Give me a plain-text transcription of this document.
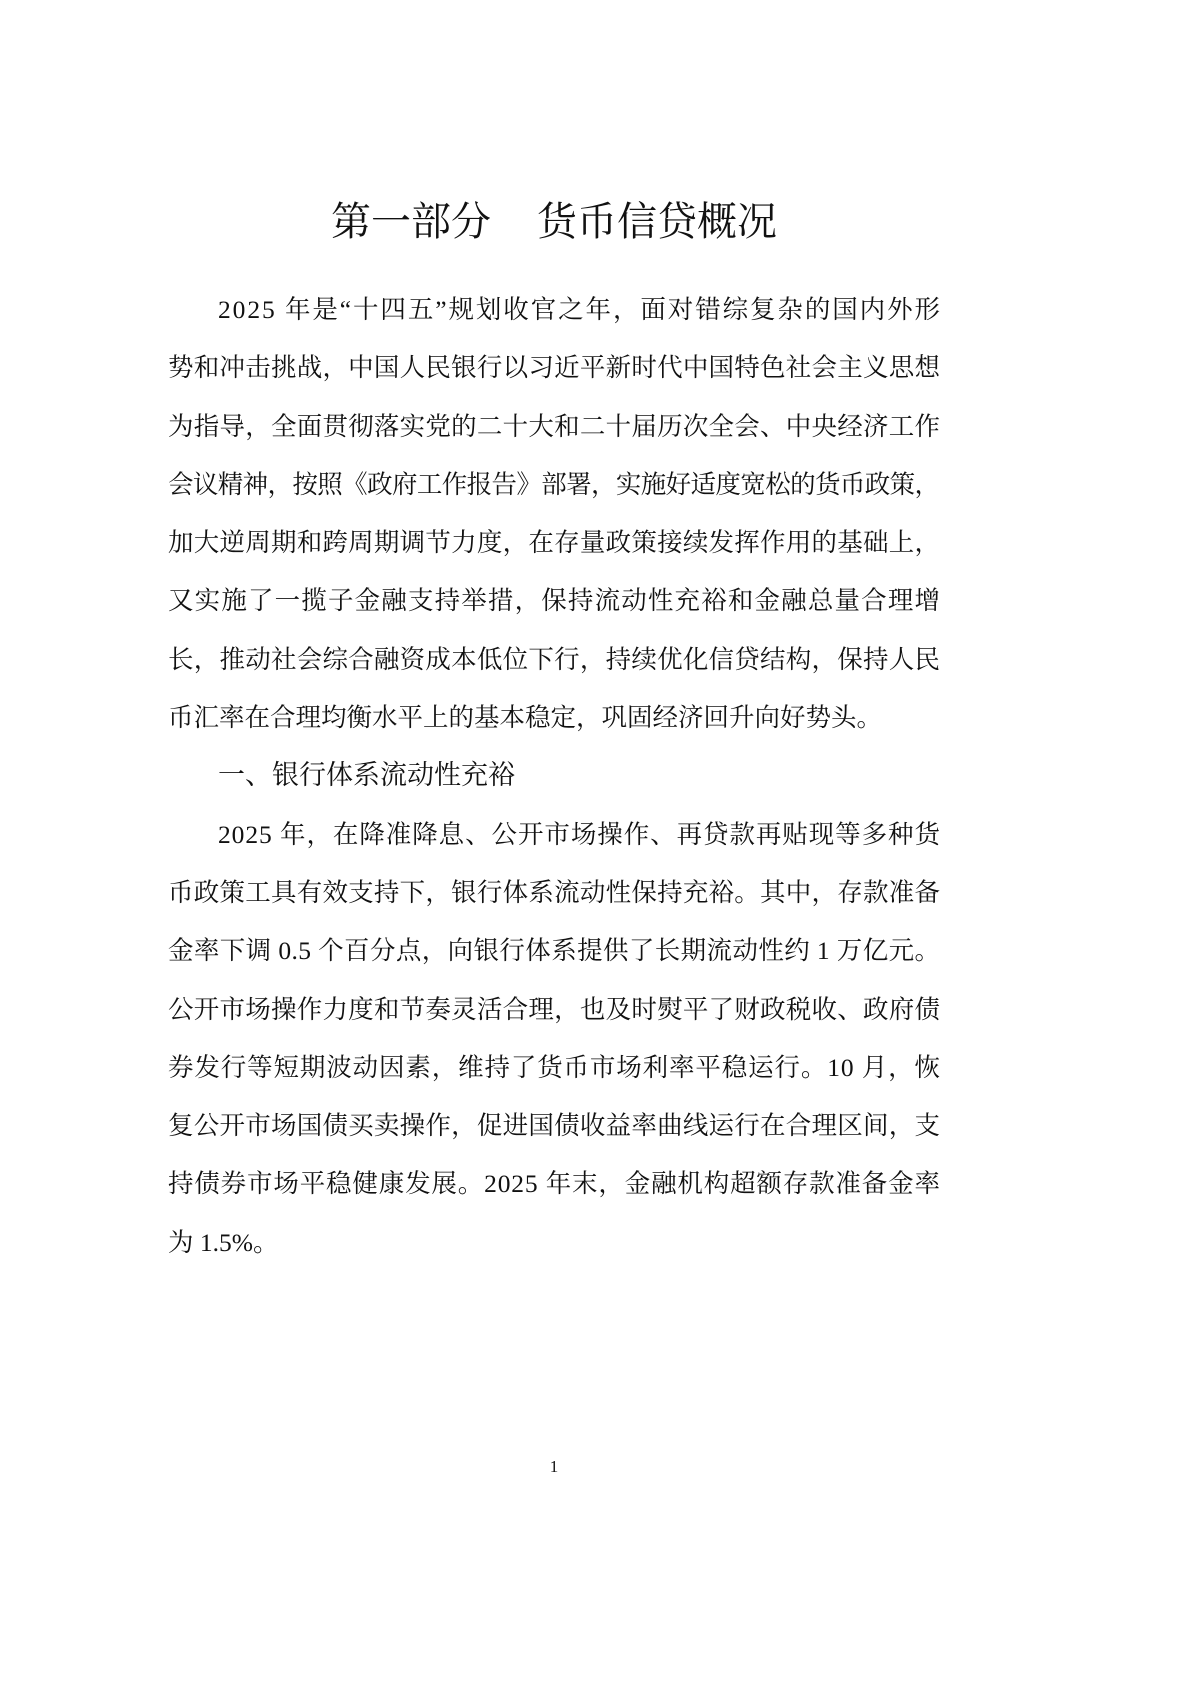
第一部分 货币信贷概况
2025 年是“十四五”规划收官之年，面对错综复杂的国内外形
势和冲击挑战，中国人民银行以习近平新时代中国特色社会主义思想
为指导，全面贯彻落实党的二十大和二十届历次全会、中央经济工作
会议精神，按照《政府工作报告》部署，实施好适度宽松的货币政策，
加大逆周期和跨周期调节力度，在存量政策接续发挥作用的基础上，
又实施了一揽子金融支持举措，保持流动性充裕和金融总量合理增
长，推动社会综合融资成本低位下行，持续优化信贷结构，保持人民
币汇率在合理均衡水平上的基本稳定，巩固经济回升向好势头。
一、银行体系流动性充裕
2025 年，在降准降息、公开市场操作、再贷款再贴现等多种货
币政策工具有效支持下，银行体系流动性保持充裕。其中，存款准备
金率下调 0.5 个百分点，向银行体系提供了长期流动性约 1 万亿元。
公开市场操作力度和节奏灵活合理，也及时熨平了财政税收、政府债
券发行等短期波动因素，维持了货币市场利率平稳运行。10 月，恢
复公开市场国债买卖操作，促进国债收益率曲线运行在合理区间，支
持债券市场平稳健康发展。2025 年末，金融机构超额存款准备金率
为 1.5%。
1
